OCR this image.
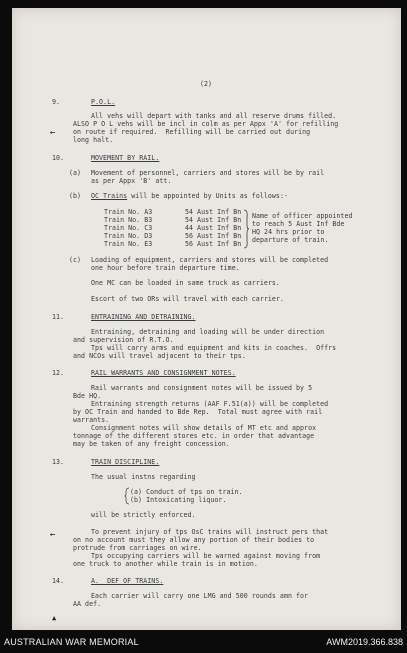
(2)
9.	P.O.L.
All vehs will depart with tanks and all reserve drums filled.
ALSO P O L vehs will be incl in colm as per Appx 'A' for refilling
on route if required.  Refilling will be carried out during
long halt.
←
10.	MOVEMENT BY RAIL.
(a) Movement of personnel, carriers and stores will be by rail
as per Appx 'B' att.
(b) OC Trains will be appointed by Units as follows:-
Train No. A3	54 Aust Inf Bn
Train No. B3	54 Aust Inf Bn
Train No. C3	44 Aust Inf Bn
Train No. D3	56 Aust Inf Bn
Train No. E3	56 Aust Inf Bn
Name of officer appointed
to reach 5 Aust Inf Bde
HQ 24 hrs prior to
departure of train.
(c) Loading of equipment, carriers and stores will be completed
one hour before train departure time.
One MC can be loaded in same truck as carriers.
Escort of two ORs will travel with each carrier.
11.	ENTRAINING AND DETRAINING.
Entraining, detraining and loading will be under direction
and supervision of R.T.O.
Tps will carry arms and equipment and kits in coaches.  Offrs
and NCOs will travel adjacent to their tps.
12.	RAIL WARRANTS AND CONSIGNMENT NOTES.
Rail warrants and consignment notes will be issued by 5
Bde HQ.
Entraining strength returns (AAF F.51(a)) will be completed
by OC Train and handed to Bde Rep.  Total must agree with rail
warrants.
Consignment notes will show details of MT etc and approx
tonnage of the different stores etc. in order that advantage
may be taken of any freight concession.
13.	TRAIN DISCIPLINE.
The usual instns regarding
(a) Conduct of tps on train.
(b) Intoxicating liquor.
will be strictly enforced.
To prevent injury of tps OsC trains will instruct pers that
on no account must they allow any portion of their bodies to
protrude from carriages on wire.
Tps occupying carriers will be warned against moving from
one truck to another while train is in motion.
←
14.	A.  DEF OF TRAINS.
Each carrier will carry one LMG and 500 rounds amn for
AA def.
▲
AUSTRALIAN WAR MEMORIAL	AWM2019.366.838
